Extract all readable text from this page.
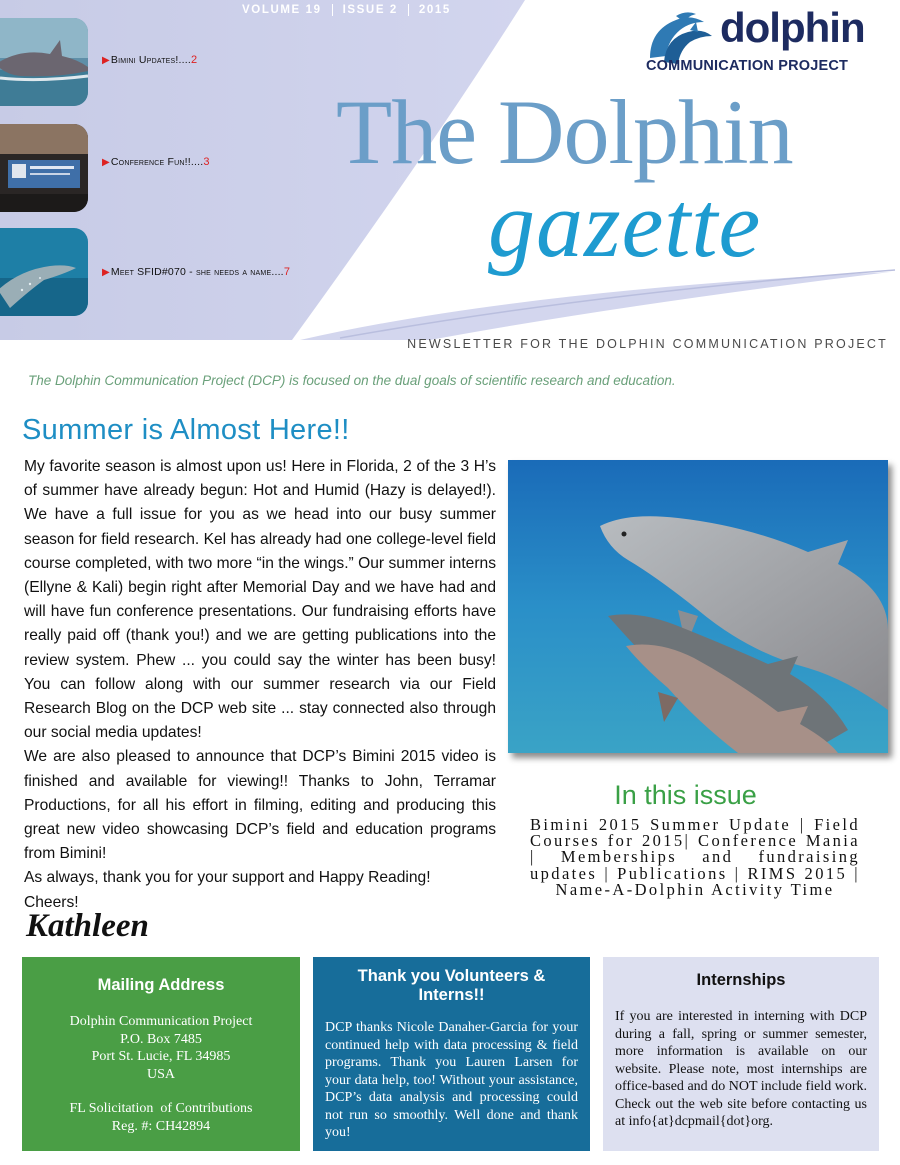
VOLUME 19	ISSUE 2	2015
▶Bimini Updates!....2
▶Conference Fun!!....3
▶Meet SFID#070 - she needs a name....7
dolphin
COMMUNICATION PROJECT
The Dolphin
gazette
NEWSLETTER FOR THE DOLPHIN COMMUNICATION PROJECT
The Dolphin Communication Project (DCP) is focused on the dual goals of scientific research and education.
Summer is Almost Here!!

My favorite season is almost upon us! Here in Florida, 2 of the 3 H’s of summer have already begun: Hot and Humid (Hazy is delayed!). We have a full issue for you as we head into our busy summer season for field research. Kel has already had one college-level field course completed, with two more “in the wings.” Our summer interns (Ellyne & Kali) begin right after Memorial Day and we have had and will have fun conference presentations. Our fundraising efforts have really paid off (thank you!) and we are getting publications into the review system. Phew ... you could say the winter has been busy! You can follow along with our summer research via our Field Research Blog on the DCP web site ... stay connected also through our social media updates!

We are also pleased to announce that DCP’s Bimini 2015 video is finished and available for viewing!! Thanks to John, Terramar Productions, for all his effort in filming, editing and producing this great new video showcasing DCP’s field and education programs from Bimini!

As always, thank you for your support and Happy Reading!

Cheers!

Kathleen
In this issue
Bimini 2015 Summer Update | Field Courses for 2015| Conference Mania | Memberships and fundraising updates | Publications | RIMS 2015 | Name-A-Dolphin Activity Time
Mailing Address
Dolphin Communication Project
P.O. Box 7485
Port St. Lucie, FL 34985
USA
FL Solicitation  of Contributions
Reg. #: CH42894
Thank you Volunteers & Interns!!
DCP thanks Nicole Danaher-Garcia for your continued help with data processing & field programs. Thank you Lauren Larsen for your data help, too! Without your assistance, DCP’s data analysis and processing could not run so smoothly. Well done and thank you!
Internships
If you are interested in interning with DCP during a fall, spring or summer semester, more information is available on our website. Please note, most internships are office-based and do NOT include field work. Check out the web site before contacting us at info{at}dcpmail{dot}org.
